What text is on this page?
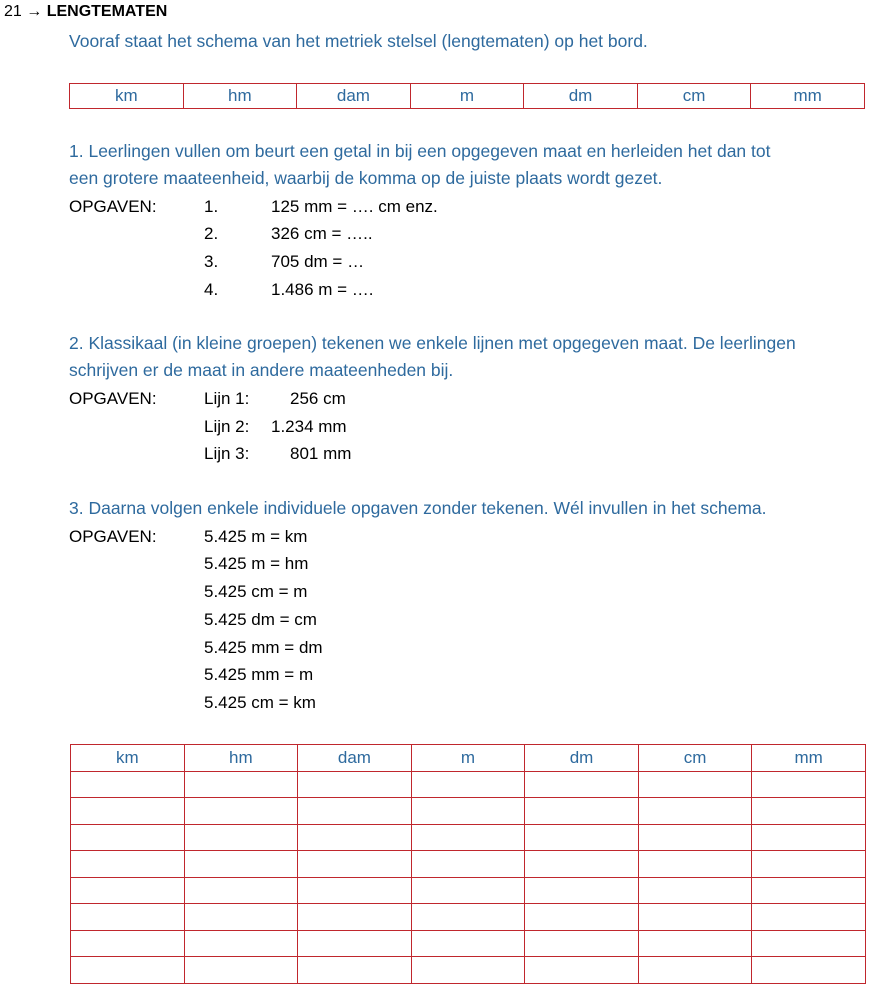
21 → LENGTEMATEN
Vooraf staat het schema van het metriek stelsel (lengtematen) op het bord.
km	hm	dam	m	dm	cm	mm
1. Leerlingen vullen om beurt een getal in bij een opgegeven maat en herleiden het dan tot
een grotere maateenheid, waarbij de komma op de juiste plaats wordt gezet.
OPGAVEN:	1.	125 mm = …. cm enz.
2.	326 cm = …..
3.	705 dm = …
4.	1.486 m = ….
2. Klassikaal (in kleine groepen) tekenen we enkele lijnen met opgegeven maat. De leerlingen
schrijven er de maat in andere maateenheden bij.
OPGAVEN:	Lijn 1: 256 cm
Lijn 2: 1.234 mm
Lijn 3: 801 mm
3. Daarna volgen enkele individuele opgaven zonder tekenen. Wél invullen in het schema.
OPGAVEN:	5.425 m = km
5.425 m = hm
5.425 cm = m
5.425 dm = cm
5.425 mm = dm
5.425 mm = m
5.425 cm = km
km	hm	dam	m	dm	cm	mm
